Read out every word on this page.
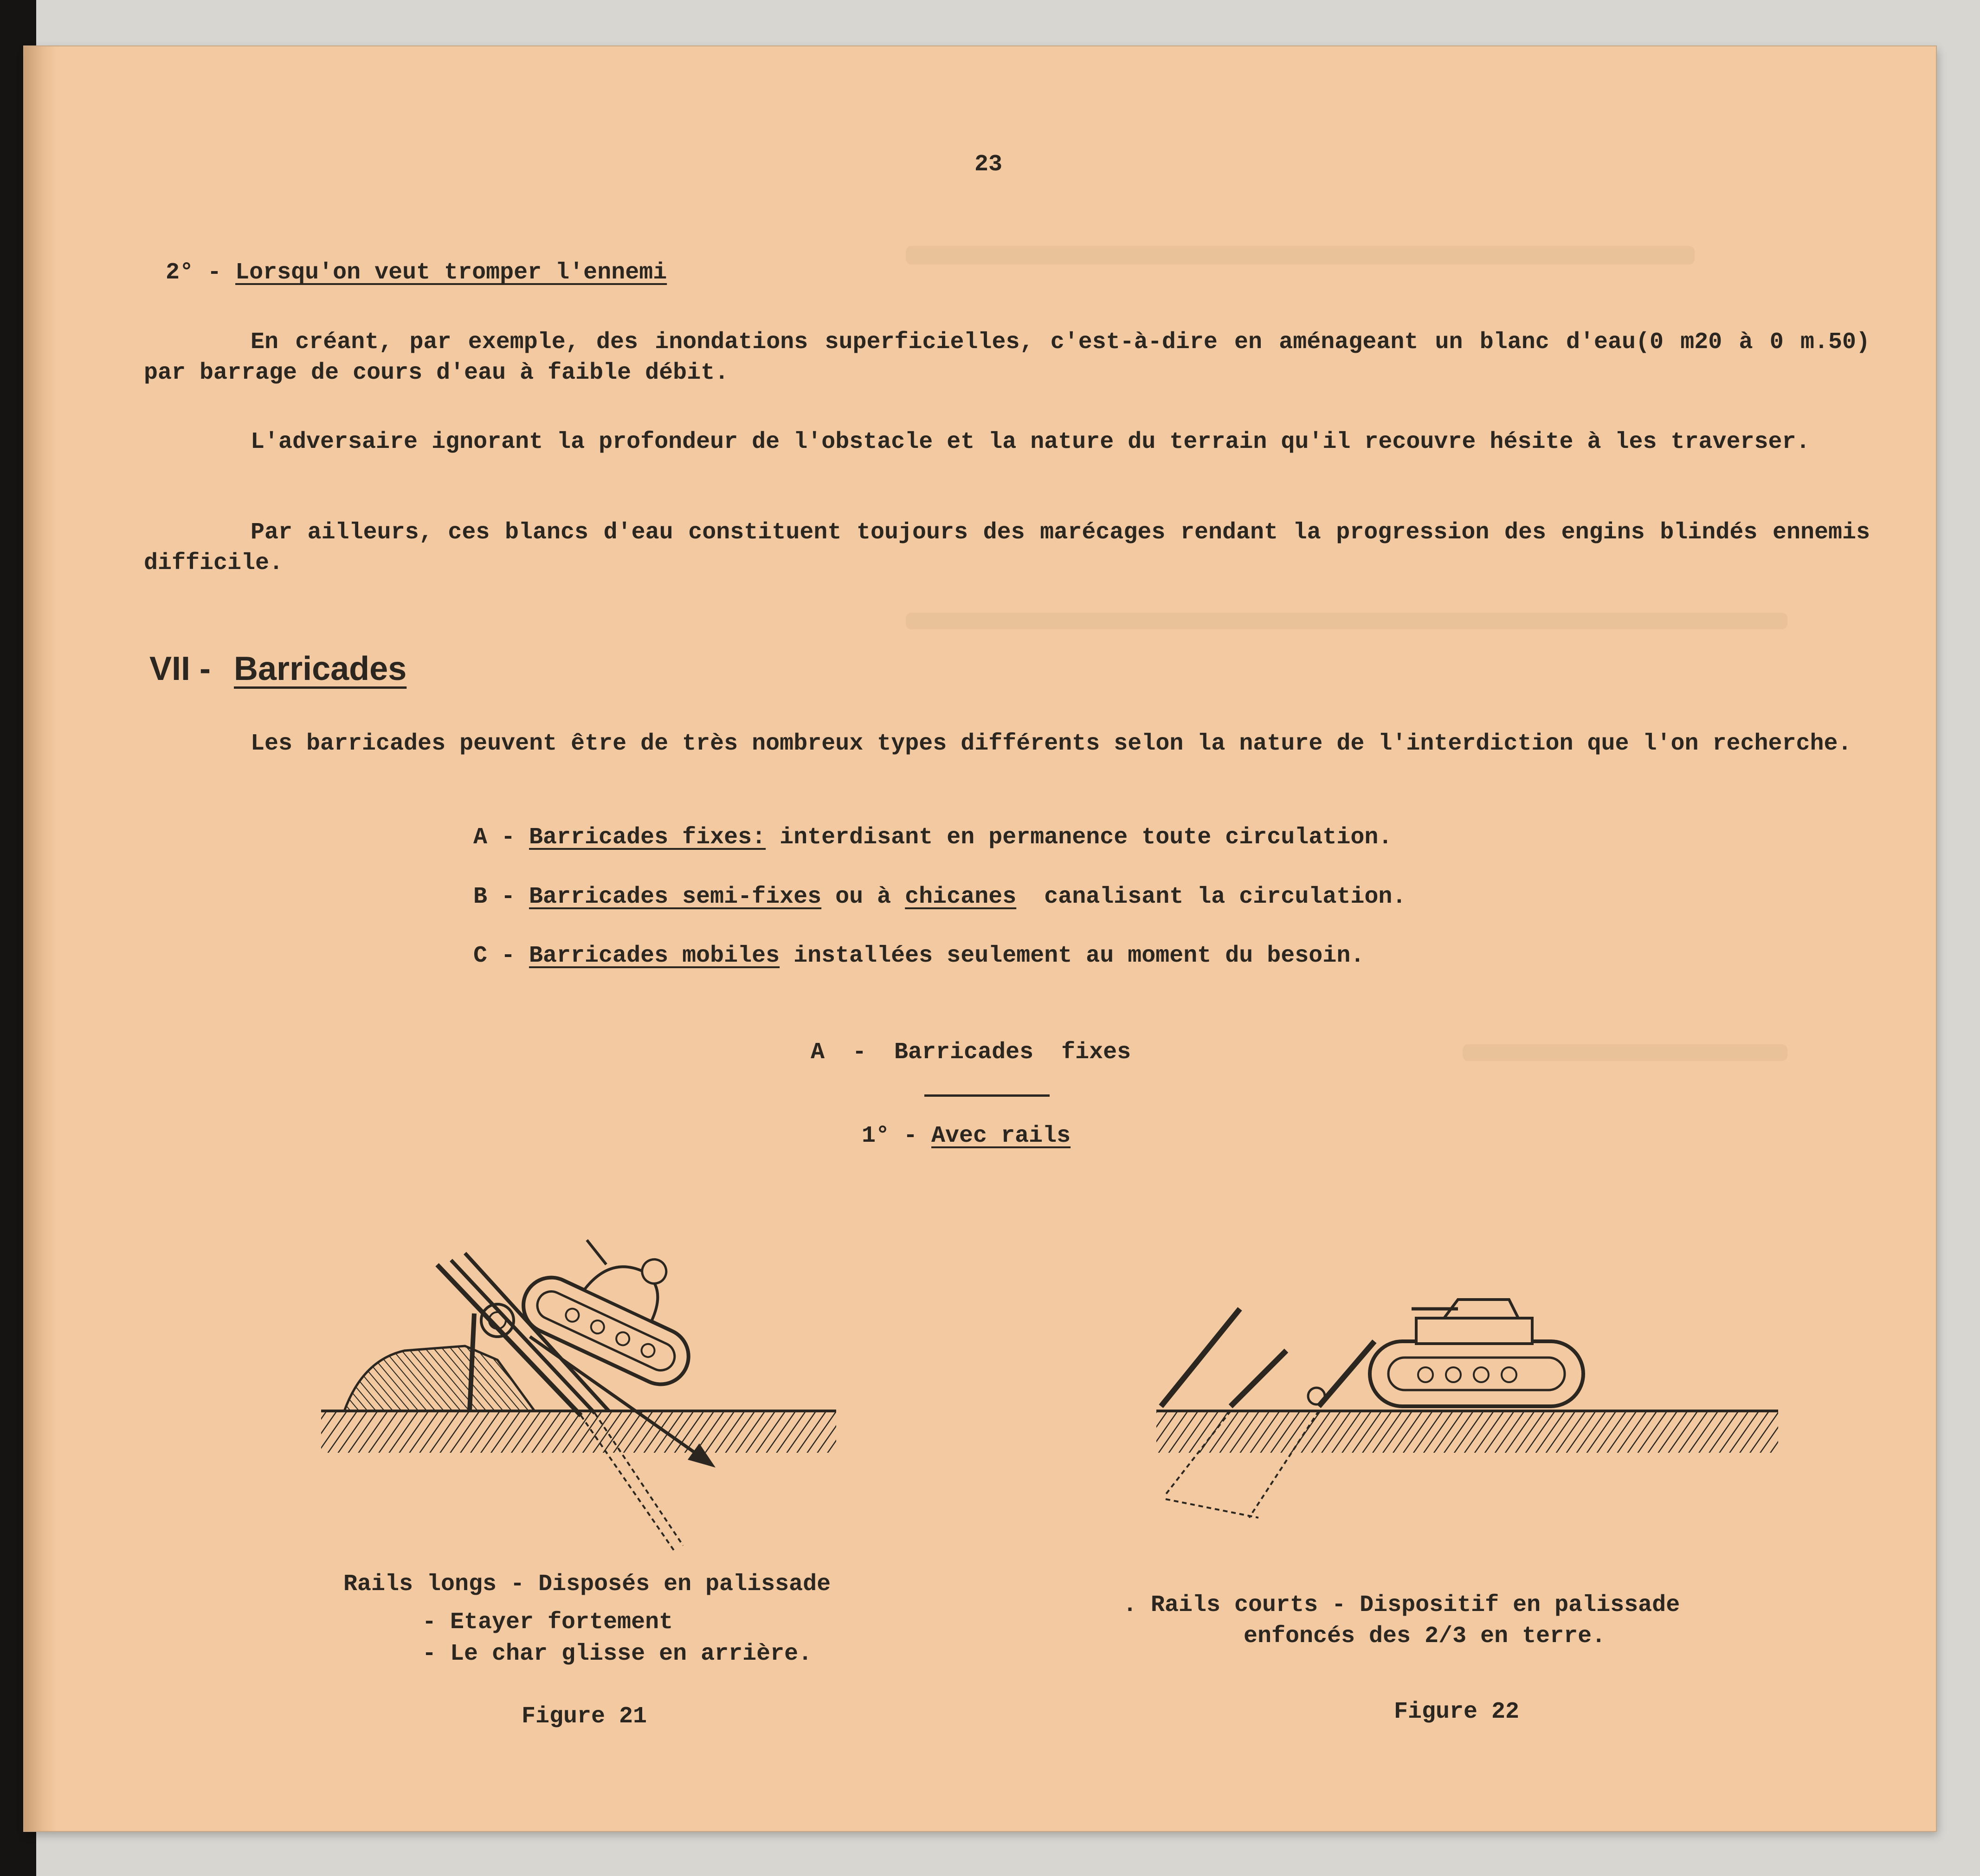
23
2° - Lorsqu'on veut tromper l'ennemi
En créant, par exemple, des inondations superficielles, c'est-à-dire en aménageant un blanc d'eau(0 m20 à 0 m.50) par barrage de cours d'eau à faible débit.
L'adversaire ignorant la profondeur de l'obstacle et la nature du terrain qu'il recouvre hésite à les traverser.
Par ailleurs, ces blancs d'eau constituent toujours des marécages rendant la progression des engins blindés ennemis difficile.
VII - Barricades
Les barricades peuvent être de très nombreux types différents selon la nature de l'interdiction que l'on recherche.
A - Barricades fixes: interdisant en permanence toute circulation.
B - Barricades semi-fixes ou à chicanes  canalisant la circulation.
C - Barricades mobiles installées seulement au moment du besoin.
A  -  Barricades  fixes
1° - Avec rails
Rails longs - Disposés en palissade
- Etayer fortement
- Le char glisse en arrière.
Figure 21
. Rails courts - Dispositif en palissade
enfoncés des 2/3 en terre.
Figure 22
